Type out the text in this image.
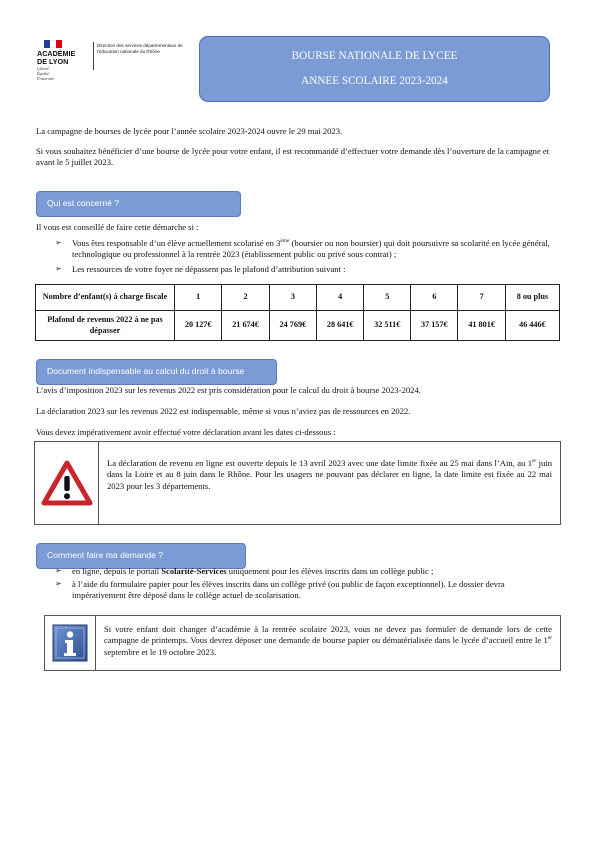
ACADÉMIE
DE LYON
Liberté
Égalité
Fraternité
Direction des services départementaux de l'éducation nationale du Rhône	BOURSE NATIONALE DE LYCEE
ANNEE SCOLAIRE 2023-2024

La campagne de bourses de lycée pour l’année scolaire 2023-2024 ouvre le 29 mai 2023.

Si vous souhaitez bénéficier d’une bourse de lycée pour votre enfant, il est recommandé d’effectuer votre demande dès l’ouverture de la campagne et avant le 5 juillet 2023.

Qui est concerné ?

Il vous est conseillé de faire cette démarche si :

➢	Vous êtes responsable d’un élève actuellement scolarisé en 3ème (boursier ou non boursier) qui doit poursuivre sa scolarité en lycée général, technologique ou professionnel à la rentrée 2023 (établissement public ou privé sous contrat) ;
➢	Les ressources de votre foyer ne dépassent pas le plafond d’attribution suivant :
Nombre d’enfant(s) à charge fiscale	1	2	3	4	5	6	7	8 ou plus
Plafond de revenus 2022 à ne pas dépasser	20 127€	21 674€	24 769€	28 641€	32 511€	37 157€	41 801€	46 446€
Document indispensable au calcul du droit à bourse

L’avis d’imposition 2023 sur les revenus 2022 est pris considération pour le calcul du droit à bourse 2023-2024.

La déclaration 2023 sur les revenus 2022 est indispensable, même si vous n’aviez pas de ressources en 2022.

Vous devez impérativement avoir effectué votre déclaration avant les dates ci-dessous :

La déclaration de revenu en ligne est ouverte depuis le 13 avril 2023 avec une date limite fixée au 25 mai dans l’Ain, au 1er juin dans la Loire et au 8 juin dans le Rhône. Pour les usagers ne pouvant pas déclarer en ligne, la date limite est fixée au 22 mai 2023 pour les 3 départements.
Comment faire ma demande ?
➢	en ligne, depuis le portail Scolarité-Services uniquement pour les élèves inscrits dans un collège public ;
➢	à l’aide du formulaire papier pour les élèves inscrits dans un collège privé (ou public de façon exceptionnel). Le dossier devra impérativement être déposé dans le collège actuel de scolarisation.
Si votre enfant doit changer d’académie à la rentrée scolaire 2023, vous ne devez pas formuler de demande lors de cette campagne de printemps. Vous devrez déposer une demande de bourse papier ou dématérialisée dans le lycée d’accueil entre le 1er septembre et le 19 octobre 2023.
